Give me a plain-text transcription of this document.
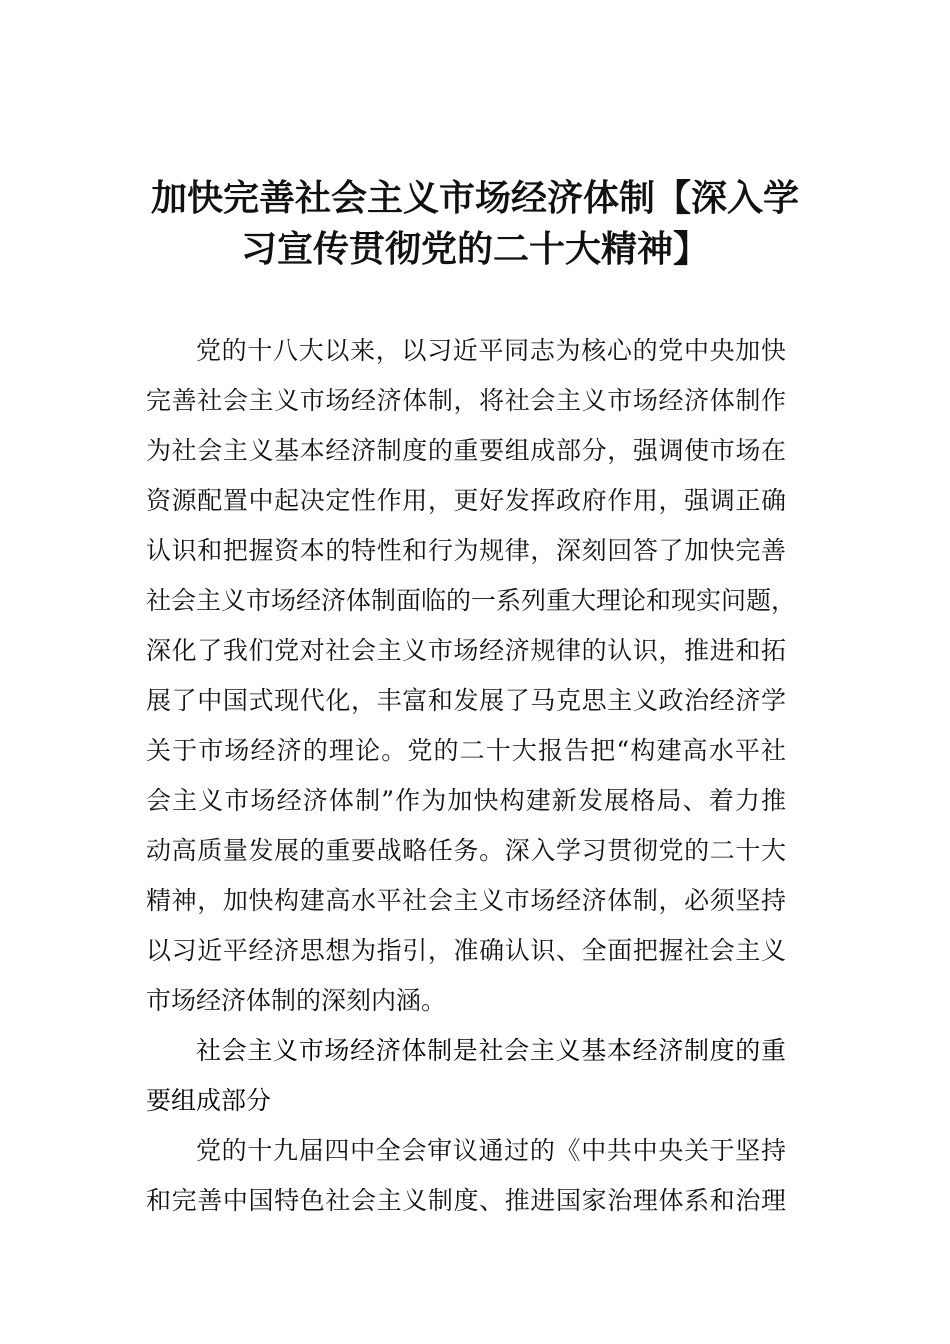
加快完善社会主义市场经济体制【深入学
习宣传贯彻党的二十大精神】
党的十八大以来，以习近平同志为核心的党中央加快
完善社会主义市场经济体制，将社会主义市场经济体制作
为社会主义基本经济制度的重要组成部分，强调使市场在
资源配置中起决定性作用，更好发挥政府作用，强调正确
认识和把握资本的特性和行为规律，深刻回答了加快完善
社会主义市场经济体制面临的一系列重大理论和现实问题，
深化了我们党对社会主义市场经济规律的认识，推进和拓
展了中国式现代化，丰富和发展了马克思主义政治经济学
关于市场经济的理论。党的二十大报告把“构建高水平社
会主义市场经济体制”作为加快构建新发展格局、着力推
动高质量发展的重要战略任务。深入学习贯彻党的二十大
精神，加快构建高水平社会主义市场经济体制，必须坚持
以习近平经济思想为指引，准确认识、全面把握社会主义
市场经济体制的深刻内涵。
社会主义市场经济体制是社会主义基本经济制度的重
要组成部分
党的十九届四中全会审议通过的《中共中央关于坚持
和完善中国特色社会主义制度、推进国家治理体系和治理
